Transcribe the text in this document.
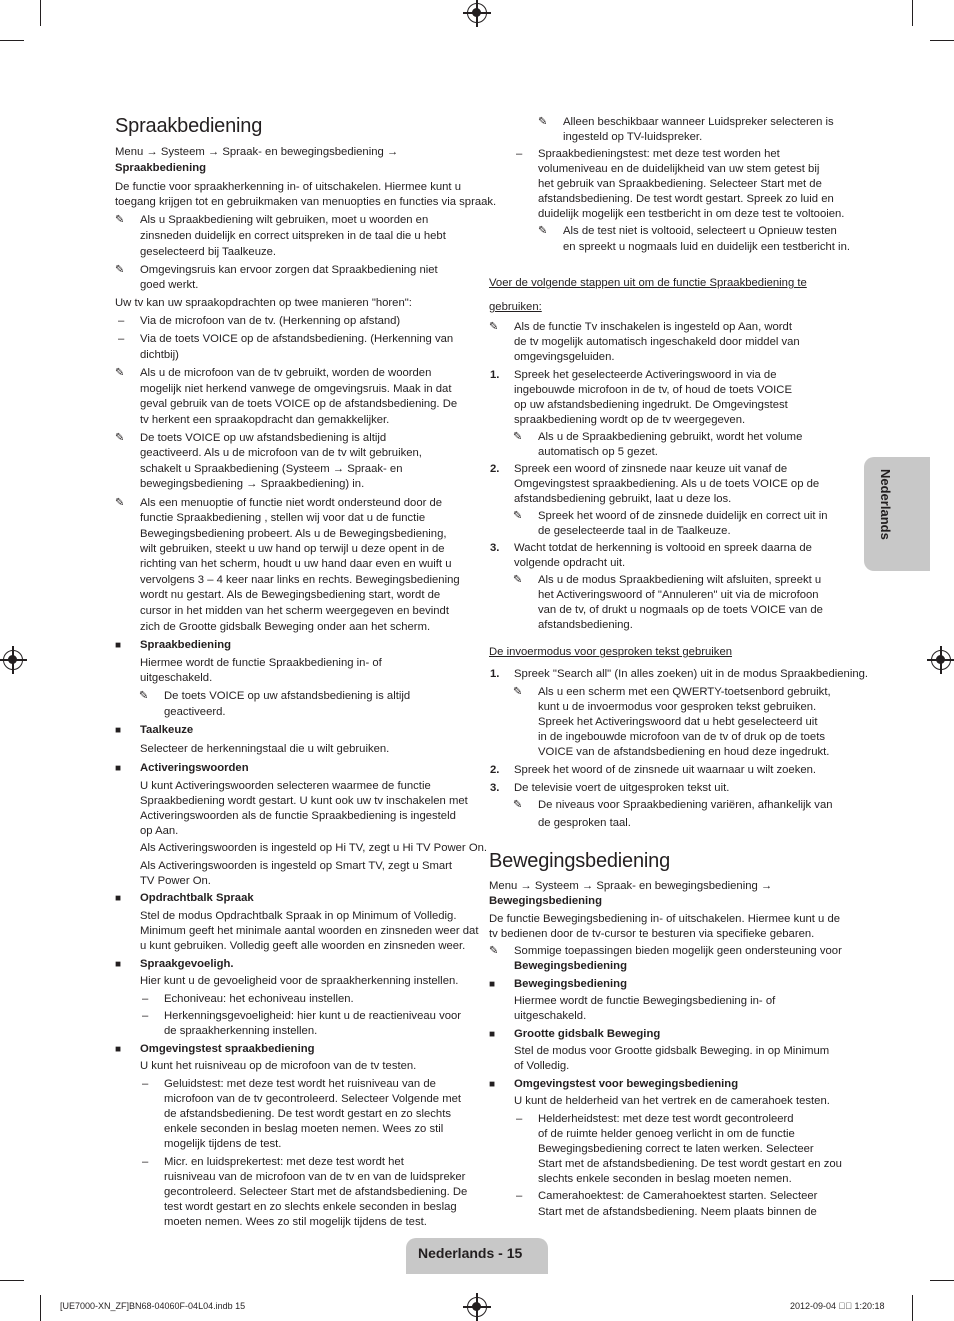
Spraakbediening
Menu → Systeem → Spraak- en bewegingsbediening →
Spraakbediening
De functie voor spraakherkenning in- of uitschakelen. Hiermee kunt u
toegang krijgen tot en gebruikmaken van menuopties en functies via spraak.
Als u Spraakbediening wilt gebruiken, moet u woorden en
✎
zinsneden duidelijk en correct uitspreken in de taal die u hebt
geselecteerd bij Taalkeuze.
Omgevingsruis kan ervoor zorgen dat Spraakbediening niet
✎
goed werkt.
Uw tv kan uw spraakopdrachten op twee manieren "horen":
Via de microfoon van de tv. (Herkenning op afstand)
–
Via de toets VOICE op de afstandsbediening. (Herkenning van
–
dichtbij)
Als u de microfoon van de tv gebruikt, worden de woorden
✎
mogelijk niet herkend vanwege de omgevingsruis. Maak in dat
geval gebruik van de toets VOICE op de afstandsbediening. De
tv herkent een spraakopdracht dan gemakkelijker.
De toets VOICE op uw afstandsbediening is altijd
✎
geactiveerd. Als u de microfoon van de tv wilt gebruiken,
schakelt u Spraakbediening (Systeem → Spraak- en
bewegingsbediening → Spraakbediening) in.
Als een menuoptie of functie niet wordt ondersteund door de
✎
functie Spraakbediening , stellen wij voor dat u de functie
Bewegingsbediening probeert. Als u de Bewegingsbediening,
wilt gebruiken, steekt u uw hand op terwijl u deze opent in de
richting van het scherm, houdt u uw hand daar even en wuift u
vervolgens 3 – 4 keer naar links en rechts. Bewegingsbediening
wordt nu gestart. Als de Bewegingsbediening start, wordt de
cursor in het midden van het scherm weergegeven en bevindt
zich de Grootte gidsbalk Beweging onder aan het scherm.
Spraakbediening
■
Hiermee wordt de functie Spraakbediening in- of
uitgeschakeld.
De toets VOICE op uw afstandsbediening is altijd
✎
geactiveerd.
Taalkeuze
■
Selecteer de herkenningstaal die u wilt gebruiken.
Activeringswoorden
■
U kunt Activeringswoorden selecteren waarmee de functie
Spraakbediening wordt gestart. U kunt ook uw tv inschakelen met
Activeringswoorden als de functie Spraakbediening is ingesteld
op Aan.
Als Activeringswoorden is ingesteld op Hi TV, zegt u Hi TV Power On.
Als Activeringswoorden is ingesteld op Smart TV, zegt u Smart
TV Power On.
Opdrachtbalk Spraak
■
Stel de modus Opdrachtbalk Spraak in op Minimum of Volledig.
Minimum geeft het minimale aantal woorden en zinsneden weer dat
u kunt gebruiken. Volledig geeft alle woorden en zinsneden weer.
Spraakgevoeligh.
■
Hier kunt u de gevoeligheid voor de spraakherkenning instellen.
Echoniveau: het echoniveau instellen.
–
Herkenningsgevoeligheid: hier kunt u de reactieniveau voor
–
de spraakherkenning instellen.
Omgevingstest spraakbediening
■
U kunt het ruisniveau op de microfoon van de tv testen.
Geluidstest: met deze test wordt het ruisniveau van de
–
microfoon van de tv gecontroleerd. Selecteer Volgende met
de afstandsbediening. De test wordt gestart en zo slechts
enkele seconden in beslag moeten nemen. Wees zo stil
mogelijk tijdens de test.
Micr. en luidsprekertest: met deze test wordt het
–
ruisniveau van de microfoon van de tv en van de luidspreker
gecontroleerd. Selecteer Start met de afstandsbediening. De
test wordt gestart en zo slechts enkele seconden in beslag
moeten nemen. Wees zo stil mogelijk tijdens de test.
Alleen beschikbaar wanneer Luidspreker selecteren is
✎
ingesteld op TV-luidspreker.
Spraakbedieningstest: met deze test worden het
–
volumeniveau en de duidelijkheid van uw stem getest bij
het gebruik van Spraakbediening. Selecteer Start met de
afstandsbediening. De test wordt gestart. Spreek zo luid en
duidelijk mogelijk een testbericht in om deze test te voltooien.
Als de test niet is voltooid, selecteert u Opnieuw testen
✎
en spreekt u nogmaals luid en duidelijk een testbericht in.
Voer de volgende stappen uit om de functie Spraakbediening te
gebruiken:
Als de functie Tv inschakelen is ingesteld op Aan, wordt
✎
de tv mogelijk automatisch ingeschakeld door middel van
omgevingsgeluiden.
Spreek het geselecteerde Activeringswoord in via de
1.
ingebouwde microfoon in de tv, of houd de toets VOICE
op uw afstandsbediening ingedrukt. De Omgevingstest
spraakbediening wordt op de tv weergegeven.
Als u de Spraakbediening gebruikt, wordt het volume
✎
automatisch op 5 gezet.
Spreek een woord of zinsnede naar keuze uit vanaf de
2.
Omgevingstest spraakbediening. Als u de toets VOICE op de
afstandsbediening gebruikt, laat u deze los.
Spreek het woord of de zinsnede duidelijk en correct uit in
✎
de geselecteerde taal in de Taalkeuze.
Wacht totdat de herkenning is voltooid en spreek daarna de
3.
volgende opdracht uit.
Als u de modus Spraakbediening wilt afsluiten, spreekt u
✎
het Activeringswoord of "Annuleren" uit via de microfoon
van de tv, of drukt u nogmaals op de toets VOICE van de
afstandsbediening.
De invoermodus voor gesproken tekst gebruiken
Spreek "Search all" (In alles zoeken) uit in de modus Spraakbediening.
1.
Als u een scherm met een QWERTY-toetsenbord gebruikt,
✎
kunt u de invoermodus voor gesproken tekst gebruiken.
Spreek het Activeringswoord dat u hebt geselecteerd uit
in de ingebouwde microfoon van de tv of druk op de toets
VOICE van de afstandsbediening en houd deze ingedrukt.
Spreek het woord of de zinsnede uit waarnaar u wilt zoeken.
2.
De televisie voert de uitgesproken tekst uit.
3.
De niveaus voor Spraakbediening variëren, afhankelijk van
✎
de gesproken taal.
Menu → Systeem → Spraak- en bewegingsbediening →
Bewegingsbediening
De functie Bewegingsbediening in- of uitschakelen. Hiermee kunt u de
tv bedienen door de tv-cursor te besturen via specifieke gebaren.
Sommige toepassingen bieden mogelijk geen ondersteuning voor
✎
Bewegingsbediening
Bewegingsbediening
■
Hiermee wordt de functie Bewegingsbediening in- of
uitgeschakeld.
Grootte gidsbalk Beweging
■
Stel de modus voor Grootte gidsbalk Beweging. in op Minimum
of Volledig.
Omgevingstest voor bewegingsbediening
■
U kunt de helderheid van het vertrek en de camerahoek testen.
Helderheidstest: met deze test wordt gecontroleerd
–
of de ruimte helder genoeg verlicht in om de functie
Bewegingsbediening correct te laten werken. Selecteer
Start met de afstandsbediening. De test wordt gestart en zou
slechts enkele seconden in beslag moeten nemen.
Camerahoektest: de Camerahoektest starten. Selecteer
–
Start met de afstandsbediening. Neem plaats binnen de
Bewegingsbediening
Nederlands
Nederlands - 15
[UE7000-XN_ZF]BN68-04060F-04L04.indb 15	2012-09-04 ￿￿ 1:20:18
